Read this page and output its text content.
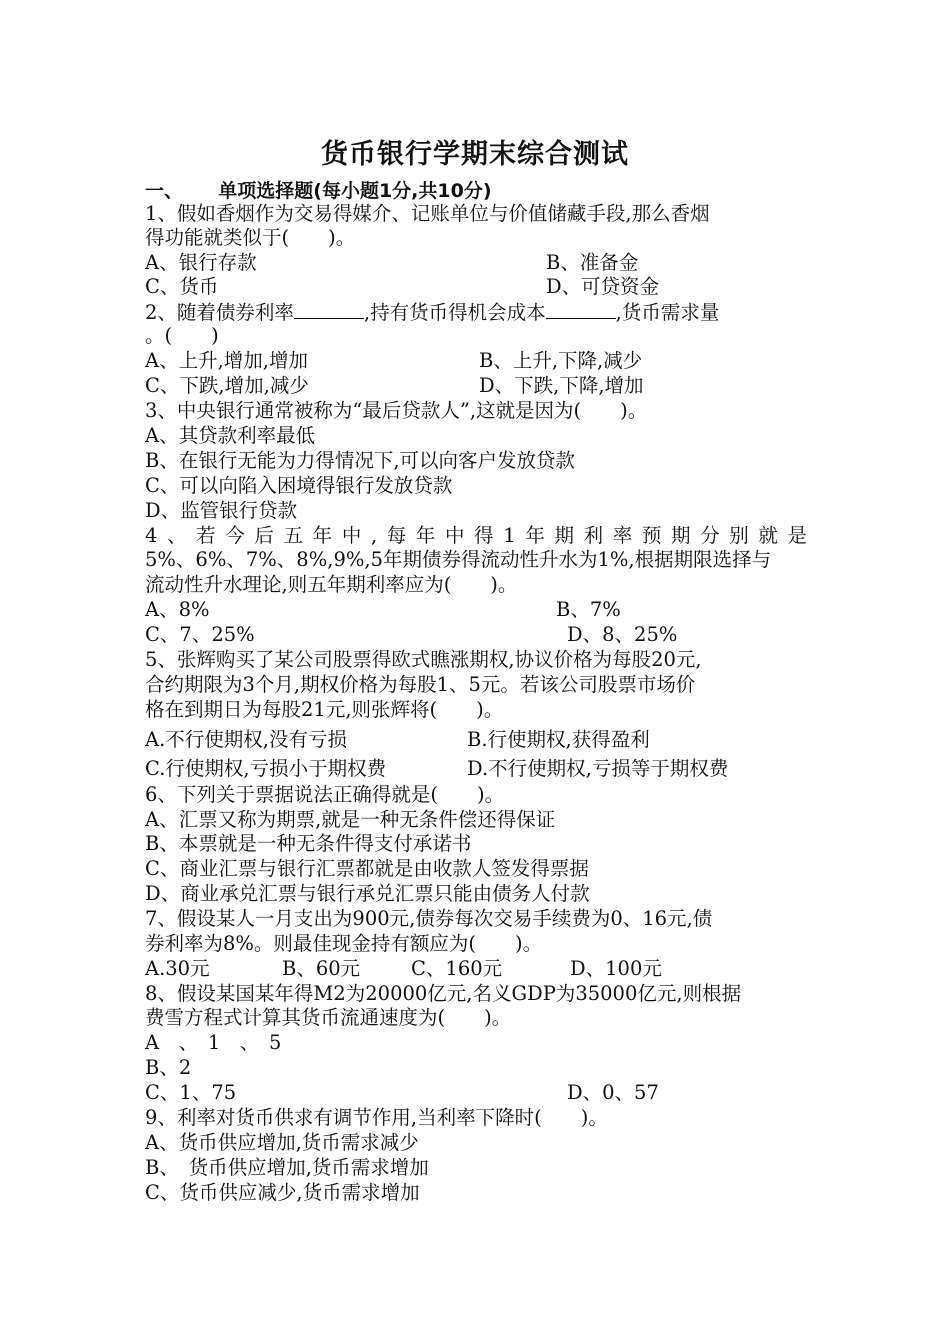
货币银行学期末综合测试
一、 单项选择题(每小题1分,共10分)
1、假如香烟作为交易得媒介、记账单位与价值储藏手段,那么香烟
得功能就类似于(　　)。
A、银行存款	B、准备金
C、货币	D、可贷资金
2、随着债券利率	,持有货币得机会成本	,货币需求量
。(　　)
A、上升,增加,增加	B、上升,下降,减少
C、下跌,增加,减少	D、下跌,下降,增加
3、中央银行通常被称为“最后贷款人”,这就是因为(　　)。
A、其贷款利率最低
B、在银行无能为力得情况下,可以向客户发放贷款
C、可以向陷入困境得银行发放贷款
D、监管银行贷款
4、若今后五年中,每年中得1年期利率预期分别就是
5%、6%、7%、8%,9%,5年期债券得流动性升水为1%,根据期限选择与
流动性升水理论,则五年期利率应为(　　)。
A、8%	B、7%
C、7、25%	D、8、25%
5、张辉购买了某公司股票得欧式瞧涨期权,协议价格为每股20元,
合约期限为3个月,期权价格为每股1、5元。若该公司股票市场价
格在到期日为每股21元,则张辉将(　　)。
A.不行使期权,没有亏损	B.行使期权,获得盈利
C.行使期权,亏损小于期权费	D.不行使期权,亏损等于期权费
6、下列关于票据说法正确得就是(　　)。
A、汇票又称为期票,就是一种无条件偿还得保证
B、本票就是一种无条件得支付承诺书
C、商业汇票与银行汇票都就是由收款人签发得票据
D、商业承兑汇票与银行承兑汇票只能由债务人付款
7、假设某人一月支出为900元,债券每次交易手续费为0、16元,债
券利率为8%。则最佳现金持有额应为(　　)。
A.30元	B、60元	C、160元	D、100元
8、假设某国某年得M2为20000亿元,名义GDP为35000亿元,则根据
费雪方程式计算其货币流通速度为(　　)。
A　、　1　、　5
B、2
C、1、75	D、0、57
9、利率对货币供求有调节作用,当利率下降时(　　)。
A、货币供应增加,货币需求减少
B、　货币供应增加,货币需求增加
C、货币供应减少,货币需求增加
